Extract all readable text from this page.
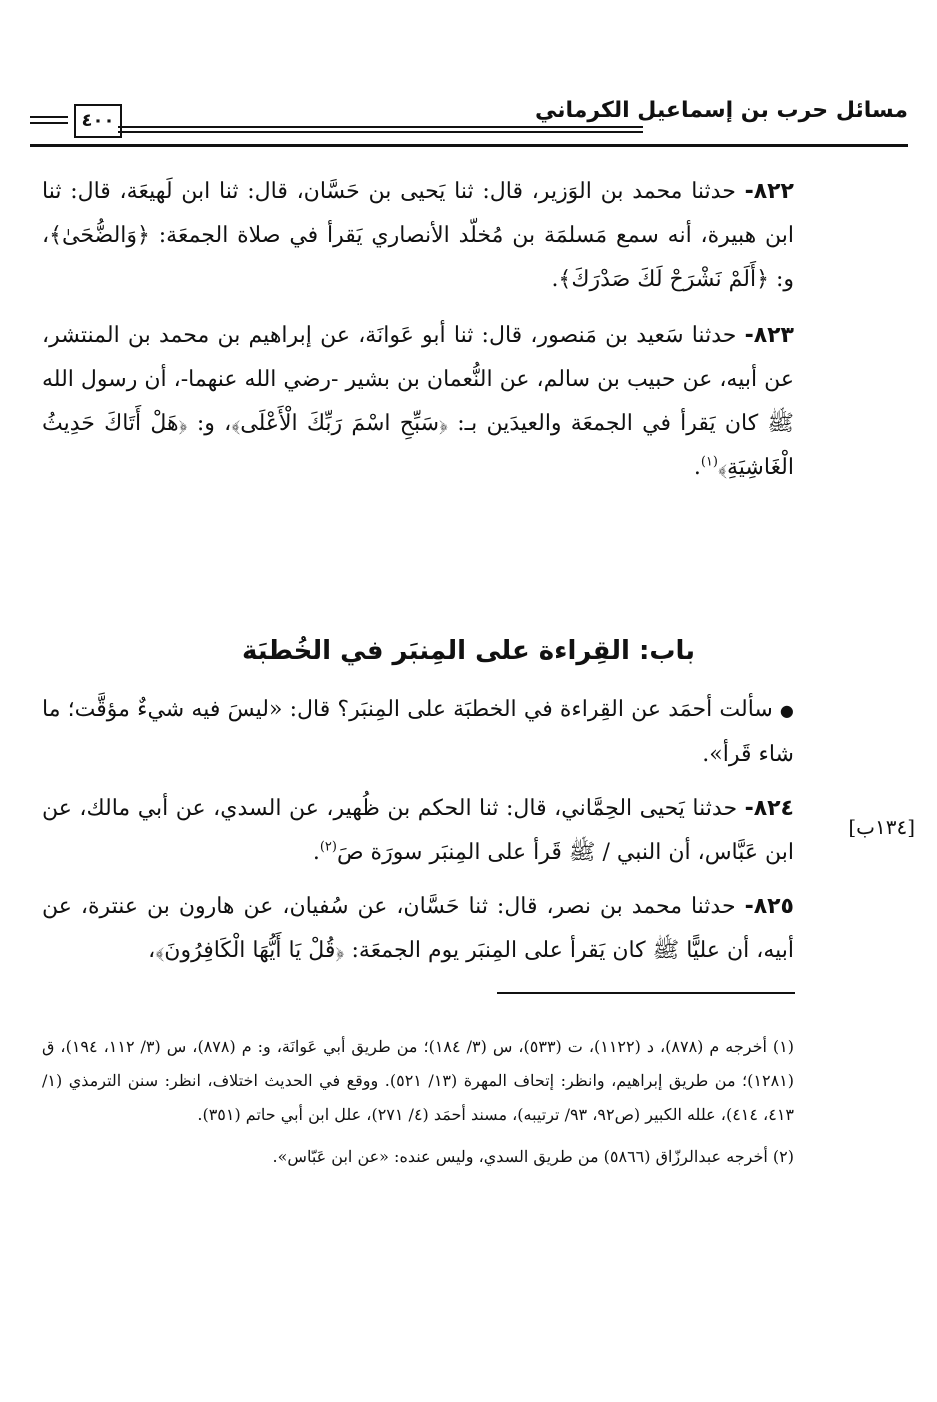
مسائل حرب بن إسماعيل الكرماني
٤٠٠

٨٢٢- حدثنا محمد بن الوَزير، قال: ثنا يَحيى بن حَسَّان، قال: ثنا ابن لَهيعَة، قال: ثنا ابن هبيرة، أنه سمع مَسلمَة بن مُخلّد الأنصاري يَقرأ في صلاة الجمعَة: ﴿وَالضُّحَىٰ﴾، و: ﴿أَلَمْ نَشْرَحْ لَكَ صَدْرَكَ﴾.

٨٢٣- حدثنا سَعيد بن مَنصور، قال: ثنا أبو عَوانَة، عن إبراهيم بن محمد بن المنتشر، عن أبيه، عن حبيب بن سالم، عن النُّعمان بن بشير -رضي الله عنهما-، أن رسول الله ﷺ كان يَقرأ في الجمعَة والعيدَين بـ: ﴿سَبِّحِ اسْمَ رَبِّكَ الْأَعْلَى﴾، و: ﴿هَلْ أَتَاكَ حَدِيثُ الْغَاشِيَةِ﴾$^{(١)}$.

باب: القِراءة على المِنبَر في الخُطبَة

● سألت أحمَد عن القِراءة في الخطبَة على المِنبَر؟ قال: «ليسَ فيه شيءٌ مؤقَّت؛ ما شاء قَرأ».

٨٢٤- حدثنا يَحيى الحِمَّاني، قال: ثنا الحكم بن ظُهير، عن السدي، عن أبي مالك، عن ابن عَبَّاس، أن النبي / ﷺ قَرأ على المِنبَر سورَة صَ$^{(٢)}$.

٨٢٥- حدثنا محمد بن نصر، قال: ثنا حَسَّان، عن سُفيان، عن هارون بن عنترة، عن أبيه، أن عليًّا ﷺ كان يَقرأ على المِنبَر يوم الجمعَة: ﴿قُلْ يَا أَيُّهَا الْكَافِرُونَ﴾،

[١٣٤ب]

(١) أخرجه م (٨٧٨)، د (١١٢٢)، ت (٥٣٣)، س (٣/ ١٨٤)؛ من طريق أبي عَوانَة، و: م (٨٧٨)، س (٣/ ١١٢، ١٩٤)، ق (١٢٨١)؛ من طريق إبراهيم، وانظر: إتحاف المهرة (١٣/ ٥٢١). ووقع في الحديث اختلاف، انظر: سنن الترمذي (١/ ٤١٣، ٤١٤)، علله الكبير (ص٩٢، ٩٣/ ترتيبه)، مسند أحمَد (٤/ ٢٧١)، علل ابن أبي حاتم (٣٥١).

(٢) أخرجه عبدالرزّاق (٥٨٦٦) من طريق السدي، وليس عنده: «عن ابن عَبّاس».
